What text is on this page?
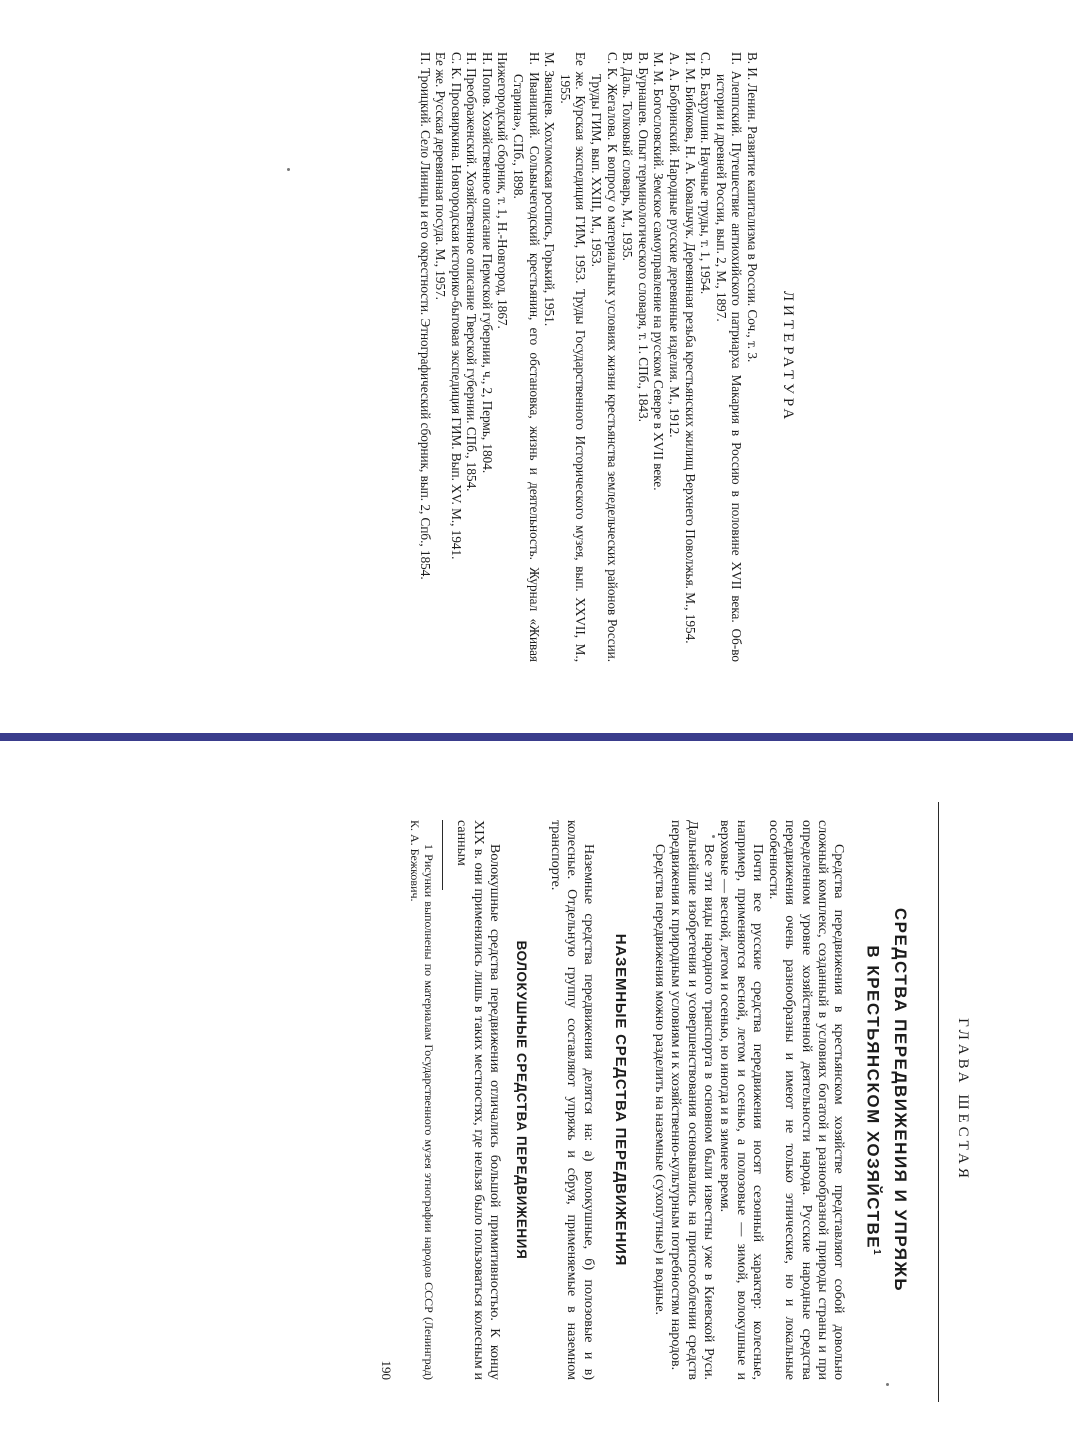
ЛИТЕРАТУРА

В. И. Ленин. Развитие капитализма в России. Соч., т. 3.

П. Алеппский. Путешествие антиохийского патриарха Макария в Россию в половине XVII века. Об-во истории и древней России, вып. 2, М., 1897.

С. В. Бахрушин. Научные труды, т. 1, 1954.

И. М. Бибикова, Н. А. Ковальчук. Деревянная резьба крестьянских жилищ Верхнего Поволжья. М., 1954.

А. А. Бобринский. Народные русские деревянные изделия. М., 1912.

М. М. Богословский. Земское самоуправление на русском Севере в XVII веке.

В. Бурнашев. Опыт терминологического словаря, т. 1. СПб., 1843.

В. Даль. Толковый словарь, М., 1935.

С. К. Жегалова. К вопросу о материальных условиях жизни крестьянства земледельческих районов России. Труды ГИМ, вып. XXIII, М., 1953.

Ее же. Курская экспедиция ГИМ, 1953. Труды Государственного Исторического музея, вып. XXVII, М., 1955.

М. Званцев. Хохломская роспись, Горький, 1951.

Н. Иваницкий. Сольвычегодский крестьянин, его обстановка, жизнь и деятельность. Журнал «Живая Старина», СПб., 1898.

Нижегородский сборник, т. 1, Н.-Новгород, 1867.

Н. Попов. Хозяйственное описание Пермской губернии, ч., 2, Пермь, 1804.

Н. Преображенский. Хозяйственное описание Тверской губернии. СПб., 1854.

С. К. Просвиркина. Новгородская историко-бытовая экспедиция ГИМ. Вып. XV. М., 1941.

Ее же. Русская деревянная посуда. М., 1957.

П. Троицкий. Село Линицы и его окрестности. Этнографический сборник, вып. 2, Спб., 1854.

ГЛАВА ШЕСТАЯ
СРЕДСТВА ПЕРЕДВИЖЕНИЯ И УПРЯЖЬ
В КРЕСТЬЯНСКОМ ХОЗЯЙСТВЕ$^1$

Средства передвижения в крестьянском хозяйстве представляют собой довольно сложный комплекс, созданный в условиях богатой и разнообразной природы страны и при определенном уровне хозяйственной деятельности народа. Русские народные средства передвижения очень разнообразны и имеют не только этнические, но и локальные особенности.

Почти все русские средства передвижения носят сезонный характер: колесные, например, применяются весной, летом и осенью, а полозовые — зимой, волокушные и верховые — весной, летом и осенью, но иногда и в зимнее время.

Все эти виды народного транспорта в основном были известны уже в Киевской Руси. Дальнейшие изобретения и усовершенствования основывались на приспособлении средств передвижения к природным условиям и к хозяйственно-культурным потребностям народов.

Средства передвижения можно разделить на наземные (сухопутные) и водные.

НАЗЕМНЫЕ СРЕДСТВА ПЕРЕДВИЖЕНИЯ

Наземные средства передвижения делятся на: а) волокушные, б) полозовые и в) колесные. Отдельную группу составляют упряжь и сбруя, применяемые в наземном транспорте.

ВОЛОКУШНЫЕ СРЕДСТВА ПЕРЕДВИЖЕНИЯ

Волокушные средства передвижения отличались большой примитивностью. К концу XIX в. они применялись лишь в таких местностях, где нельзя было пользоваться колесным и санным

1 Рисунки выполнены по материалам Государственного музея этнографии народов СССР (Ленинград) К. А. Бежкович.

190
